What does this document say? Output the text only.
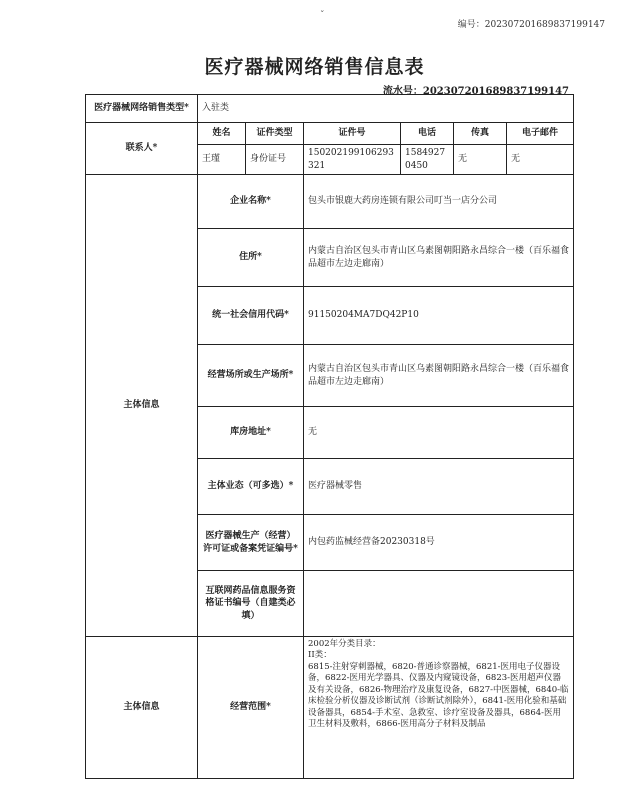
ˇ
编号：20230720168983719914​7
医疗器械网络销售信息表
流水号：20230720168983719914​7
医疗器械网络销售类型*	入驻类					
联系人*	姓名	证件类型	证件号	电话	传真	电子邮件
	王瑾	身份证号	150202199106293321	15849270450	无	无
主体信息	企业名称*		包头市银鹿大药房连锁有限公司叮当一店分公司			
	住所*		内蒙古自治区包头市青山区乌素图朝阳路永昌综合一楼（百乐福食品超市左边走廊南）			
	统一社会信用代码*		91150204MA7DQ42P10			
	经营场所或生产场所*		内蒙古自治区包头市青山区乌素图朝阳路永昌综合一楼（百乐福食品超市左边走廊南）			
	库房地址*		无			
	主体业态（可多选）*		医疗器械零售			
	医疗器械生产（经营）许可证或备案凭证编号*		内包药监械经营备20230318号			
	互联网药品信息服务资格证书编号（自建类必填）					
主体信息	经营范围*		2002年分类目录：
II类：
6815-注射穿刺器械，6820-普通诊察器械，6821-医用电子仪器设备，6822-医用光学器具、仪器及内窥镜设备，6823-医用超声仪器及有关设备，6826-物理治疗及康复设备，6827-中医器械，6840-临床检验分析仪器及诊断试剂（诊断试剂除外），6841-医用化验和基础设备器具，6854-手术室、急救室、诊疗室设备及器具，6864-医用卫生材料及敷料，6866-医用高分子材料及制品			
